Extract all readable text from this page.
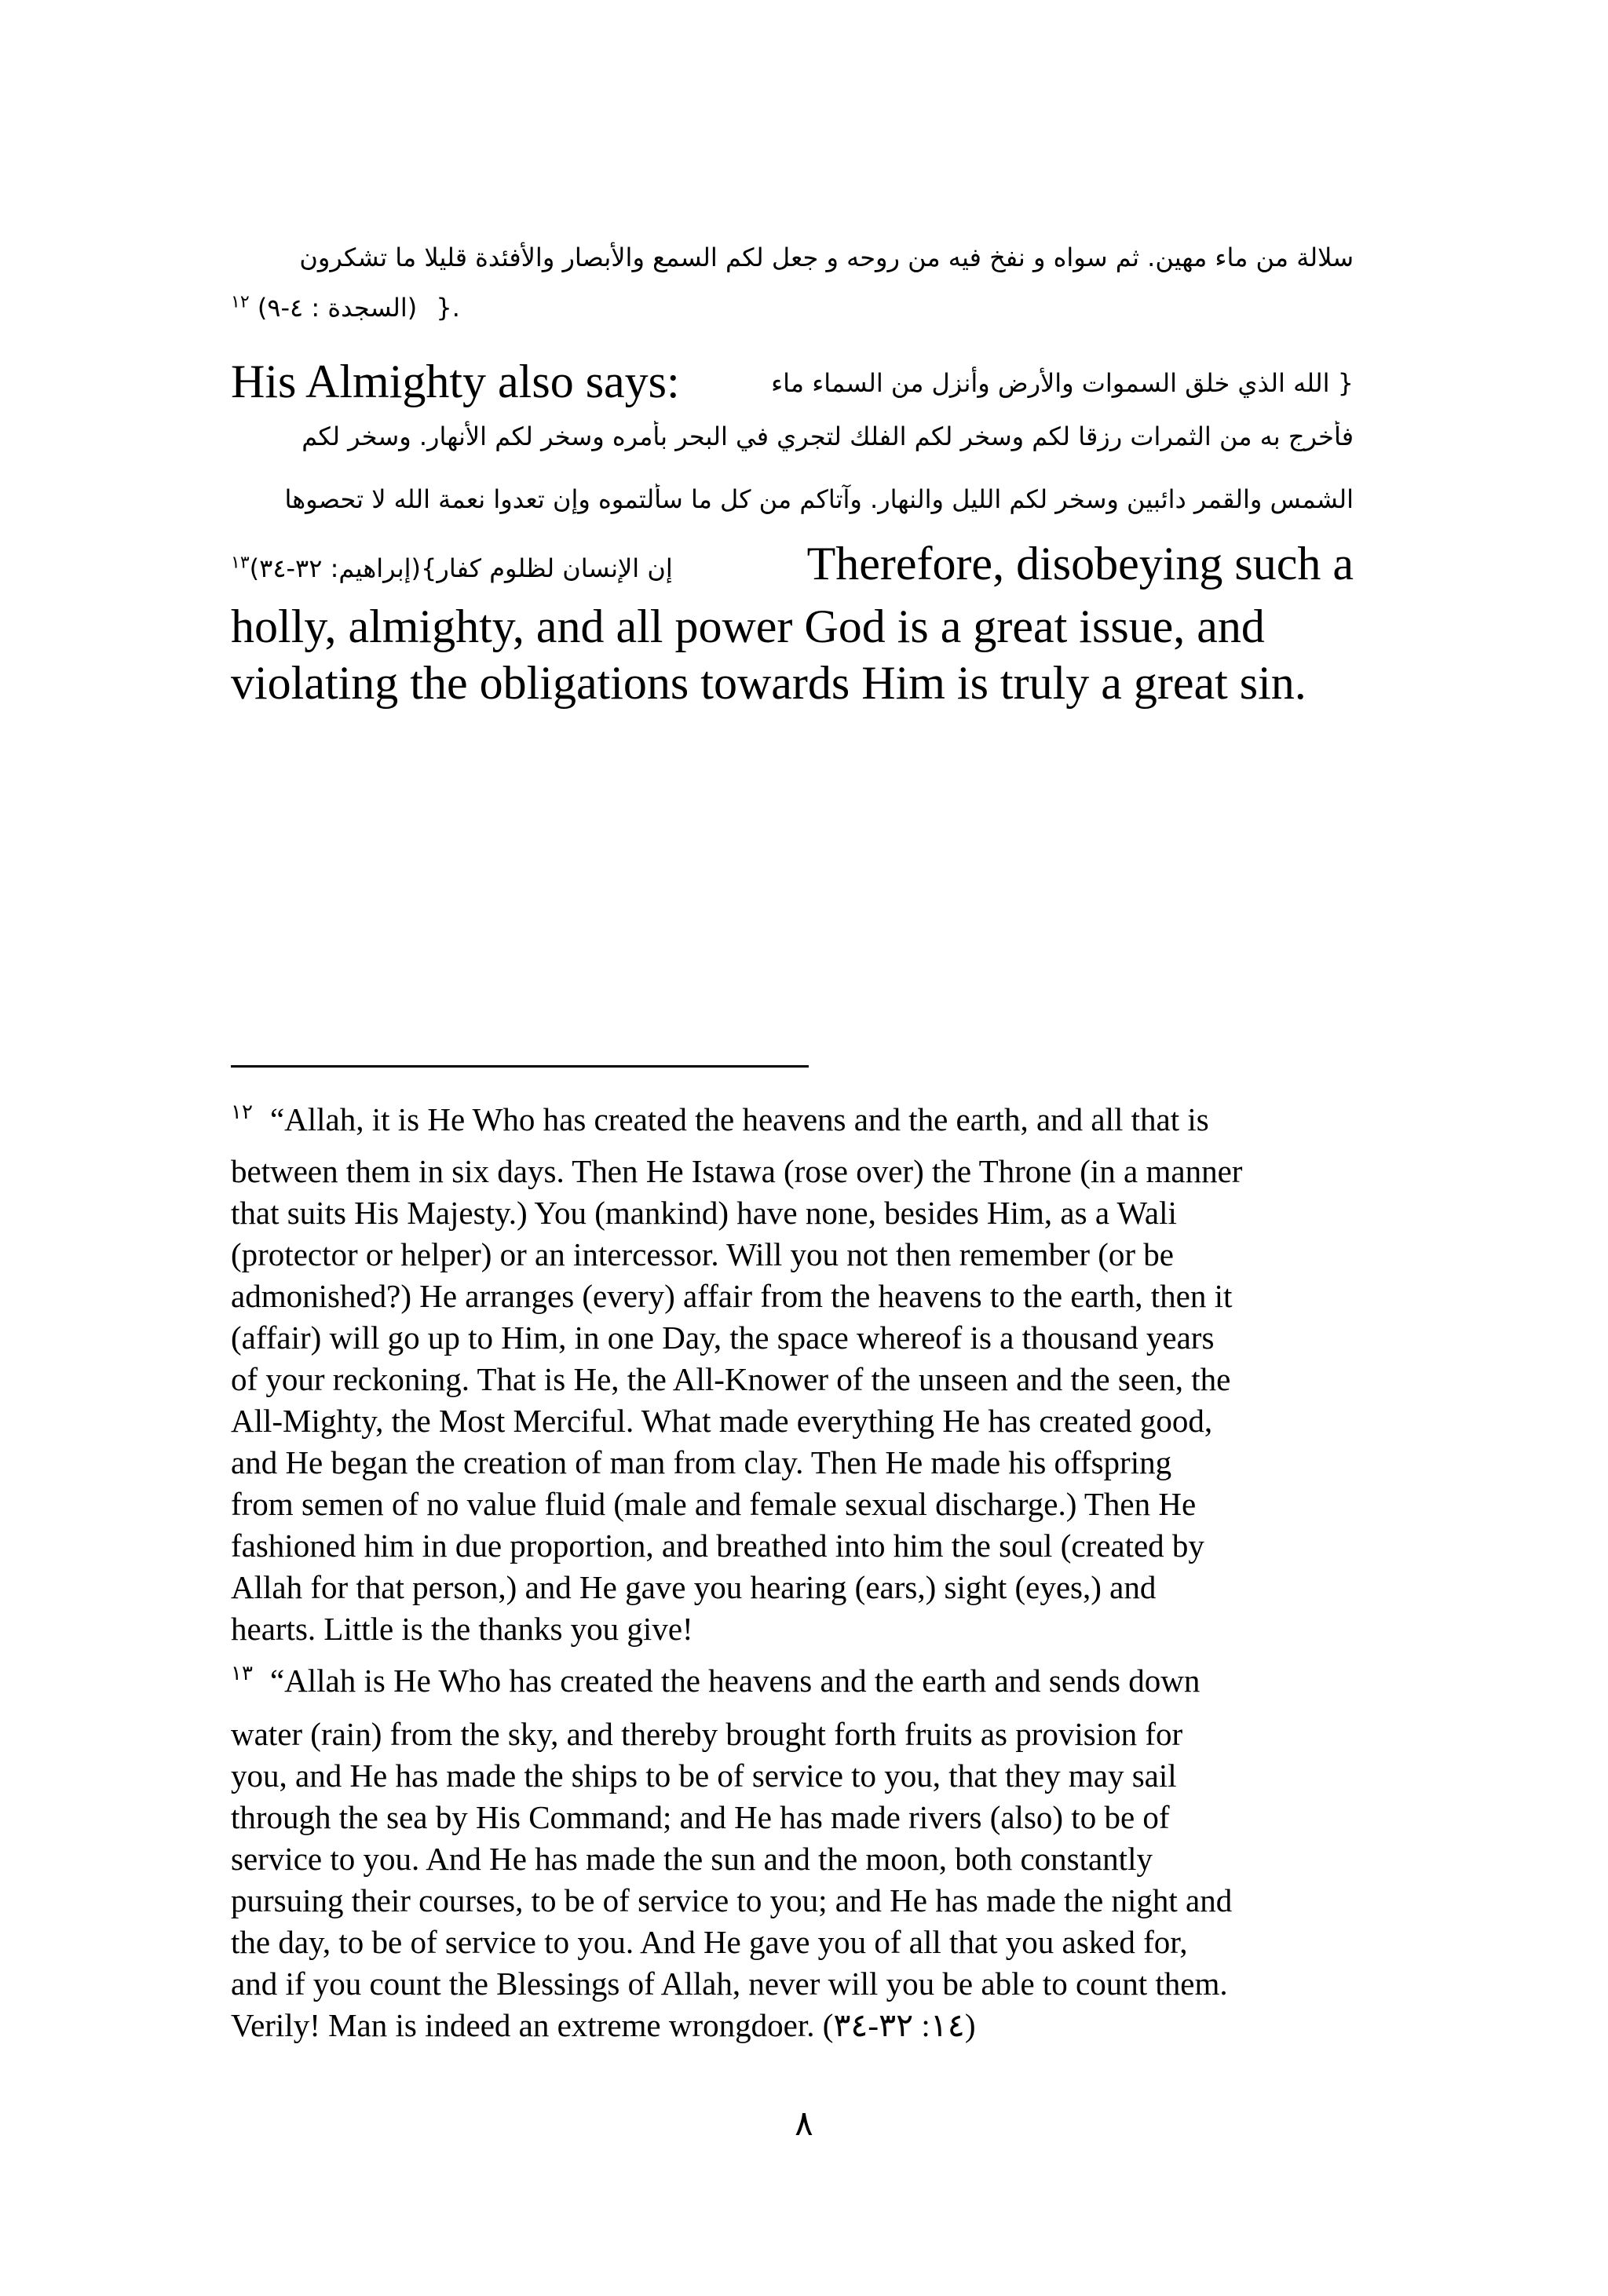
سلالة من ماء مهين. ثم سواه و نفخ فيه من روحه و جعل لكم السمع والأبصار والأفئدة قليلا ما تشكرون
$^{١٢}$ (السجدة : ٤-٩) }.
His Almighty also says:	{ الله الذي خلق السموات والأرض وأنزل من السماء ماء
فأخرج به من الثمرات رزقا لكم وسخر لكم الفلك لتجري في البحر بأمره وسخر لكم الأنهار. وسخر لكم
الشمس والقمر دائبين وسخر لكم الليل والنهار. وآتاكم من كل ما سألتموه وإن تعدوا نعمة الله لا تحصوها
$^{١٣}$إن الإنسان لظلوم كفار}(إبراهيم: ٣٢-٣٤)	Therefore, disobeying such a
holly, almighty, and all power God is a great issue, and
violating the obligations towards Him is truly a great sin.
$^{١٢}$ “Allah, it is He Who has created the heavens and the earth, and all that is
between them in six days. Then He Istawa (rose over) the Throne (in a manner
that suits His Majesty.) You (mankind) have none, besides Him, as a Wali
(protector or helper) or an intercessor. Will you not then remember (or be
admonished?) He arranges (every) affair from the heavens to the earth, then it
(affair) will go up to Him, in one Day, the space whereof is a thousand years
of your reckoning. That is He, the All-Knower of the unseen and the seen, the
All-Mighty, the Most Merciful. What made everything He has created good,
and He began the creation of man from clay. Then He made his offspring
from semen of no value fluid (male and female sexual discharge.) Then He
fashioned him in due proportion, and breathed into him the soul (created by
Allah for that person,) and He gave you hearing (ears,) sight (eyes,) and
hearts. Little is the thanks you give!
$^{١٣}$ “Allah is He Who has created the heavens and the earth and sends down
water (rain) from the sky, and thereby brought forth fruits as provision for
you, and He has made the ships to be of service to you, that they may sail
through the sea by His Command; and He has made rivers (also) to be of
service to you. And He has made the sun and the moon, both constantly
pursuing their courses, to be of service to you; and He has made the night and
the day, to be of service to you. And He gave you of all that you asked for,
and if you count the Blessings of Allah, never will you be able to count them.
Verily! Man is indeed an extreme wrongdoer. (١٤: ٣٢-٣٤)
٨
